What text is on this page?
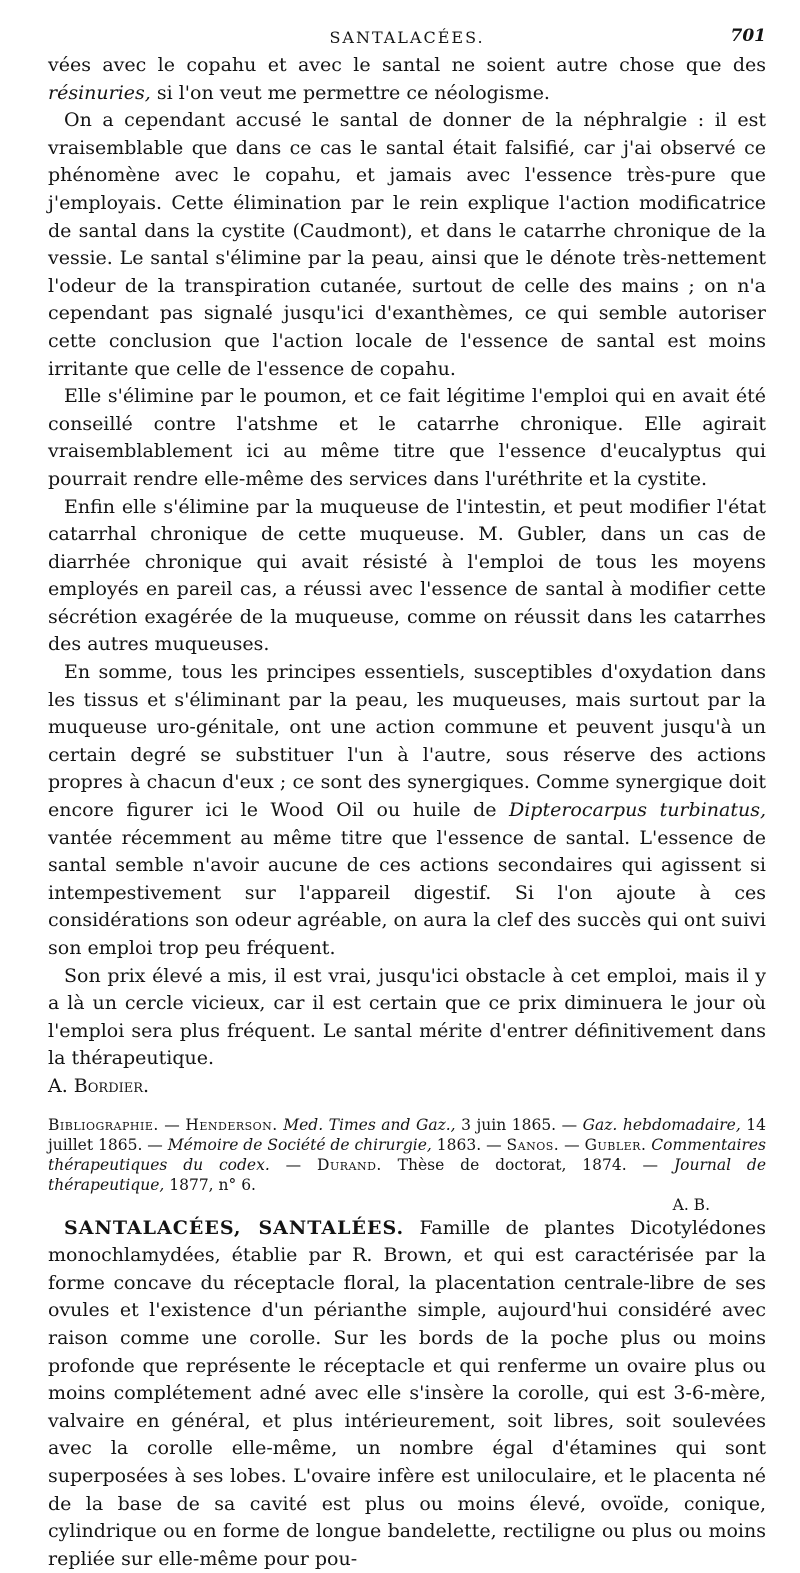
SANTALACÉES.	701

vées avec le copahu et avec le santal ne soient autre chose que des résinuries, si l'on veut me permettre ce néologisme.

On a cependant accusé le santal de donner de la néphralgie : il est vraisemblable que dans ce cas le santal était falsifié, car j'ai observé ce phénomène avec le copahu, et jamais avec l'essence très-pure que j'employais. Cette élimination par le rein explique l'action modificatrice de santal dans la cystite (Caudmont), et dans le catarrhe chronique de la vessie. Le santal s'élimine par la peau, ainsi que le dénote très-nettement l'odeur de la transpiration cutanée, surtout de celle des mains ; on n'a cependant pas signalé jusqu'ici d'exanthèmes, ce qui semble autoriser cette conclusion que l'action locale de l'essence de santal est moins irritante que celle de l'essence de copahu.

Elle s'élimine par le poumon, et ce fait légitime l'emploi qui en avait été conseillé contre l'atshme et le catarrhe chronique. Elle agirait vraisemblablement ici au même titre que l'essence d'eucalyptus qui pourrait rendre elle-même des services dans l'uréthrite et la cystite.

Enfin elle s'élimine par la muqueuse de l'intestin, et peut modifier l'état catarrhal chronique de cette muqueuse. M. Gubler, dans un cas de diarrhée chronique qui avait résisté à l'emploi de tous les moyens employés en pareil cas, a réussi avec l'essence de santal à modifier cette sécrétion exagérée de la muqueuse, comme on réussit dans les catarrhes des autres muqueuses.

En somme, tous les principes essentiels, susceptibles d'oxydation dans les tissus et s'éliminant par la peau, les muqueuses, mais surtout par la muqueuse uro-génitale, ont une action commune et peuvent jusqu'à un certain degré se substituer l'un à l'autre, sous réserve des actions propres à chacun d'eux ; ce sont des synergiques. Comme synergique doit encore figurer ici le Wood Oil ou huile de Dipterocarpus turbinatus, vantée récemment au même titre que l'essence de santal. L'essence de santal semble n'avoir aucune de ces actions secondaires qui agissent si intempestivement sur l'appareil digestif. Si l'on ajoute à ces considérations son odeur agréable, on aura la clef des succès qui ont suivi son emploi trop peu fréquent.

Son prix élevé a mis, il est vrai, jusqu'ici obstacle à cet emploi, mais il y a là un cercle vicieux, car il est certain que ce prix diminuera le jour où l'emploi sera plus fréquent. Le santal mérite d'entrer définitivement dans la thérapeutique.

A. Bordier.

Bibliographie. — Henderson. Med. Times and Gaz., 3 juin 1865. — Gaz. hebdomadaire, 14 juillet 1865. — Mémoire de Société de chirurgie, 1863. — Sanos. — Gubler. Commentaires thérapeutiques du codex. — Durand. Thèse de doctorat, 1874. — Journal de thérapeutique, 1877, n° 6.

A. B.

SANTALACÉES, SANTALÉES. Famille de plantes Dicotylédones monochlamydées, établie par R. Brown, et qui est caractérisée par la forme concave du réceptacle floral, la placentation centrale-libre de ses ovules et l'existence d'un périanthe simple, aujourd'hui considéré avec raison comme une corolle. Sur les bords de la poche plus ou moins profonde que représente le réceptacle et qui renferme un ovaire plus ou moins complétement adné avec elle s'insère la corolle, qui est 3-6-mère, valvaire en général, et plus intérieurement, soit libres, soit soulevées avec la corolle elle-même, un nombre égal d'étamines qui sont superposées à ses lobes. L'ovaire infère est uniloculaire, et le placenta né de la base de sa cavité est plus ou moins élevé, ovoïde, conique, cylindrique ou en forme de longue bandelette, rectiligne ou plus ou moins repliée sur elle-même pour pou-
